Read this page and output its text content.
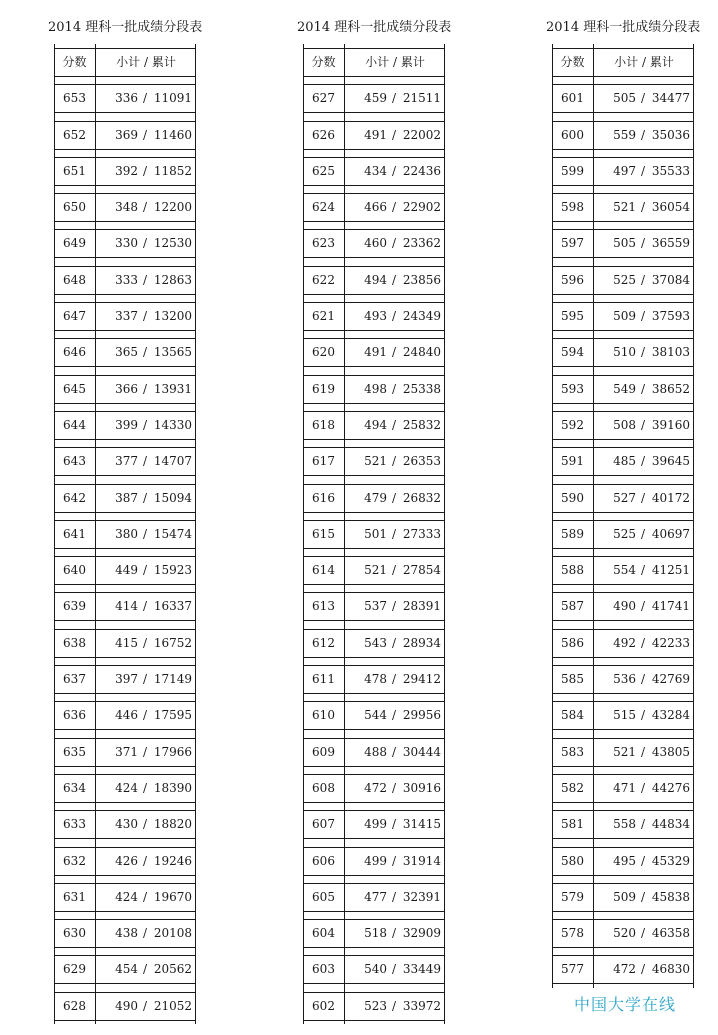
2014 理科一批成绩分段表
分数	小计 / 累计
653	336 / 11091
652	369 / 11460
651	392 / 11852
650	348 / 12200
649	330 / 12530
648	333 / 12863
647	337 / 13200
646	365 / 13565
645	366 / 13931
644	399 / 14330
643	377 / 14707
642	387 / 15094
641	380 / 15474
640	449 / 15923
639	414 / 16337
638	415 / 16752
637	397 / 17149
636	446 / 17595
635	371 / 17966
634	424 / 18390
633	430 / 18820
632	426 / 19246
631	424 / 19670
630	438 / 20108
629	454 / 20562
628	490 / 21052
2014 理科一批成绩分段表
分数	小计 / 累计
627	459 / 21511
626	491 / 22002
625	434 / 22436
624	466 / 22902
623	460 / 23362
622	494 / 23856
621	493 / 24349
620	491 / 24840
619	498 / 25338
618	494 / 25832
617	521 / 26353
616	479 / 26832
615	501 / 27333
614	521 / 27854
613	537 / 28391
612	543 / 28934
611	478 / 29412
610	544 / 29956
609	488 / 30444
608	472 / 30916
607	499 / 31415
606	499 / 31914
605	477 / 32391
604	518 / 32909
603	540 / 33449
602	523 / 33972
2014 理科一批成绩分段表
分数	小计 / 累计
601	505 / 34477
600	559 / 35036
599	497 / 35533
598	521 / 36054
597	505 / 36559
596	525 / 37084
595	509 / 37593
594	510 / 38103
593	549 / 38652
592	508 / 39160
591	485 / 39645
590	527 / 40172
589	525 / 40697
588	554 / 41251
587	490 / 41741
586	492 / 42233
585	536 / 42769
584	515 / 43284
583	521 / 43805
582	471 / 44276
581	558 / 44834
580	495 / 45329
579	509 / 45838
578	520 / 46358
577	472 / 46830
中国大学在线
